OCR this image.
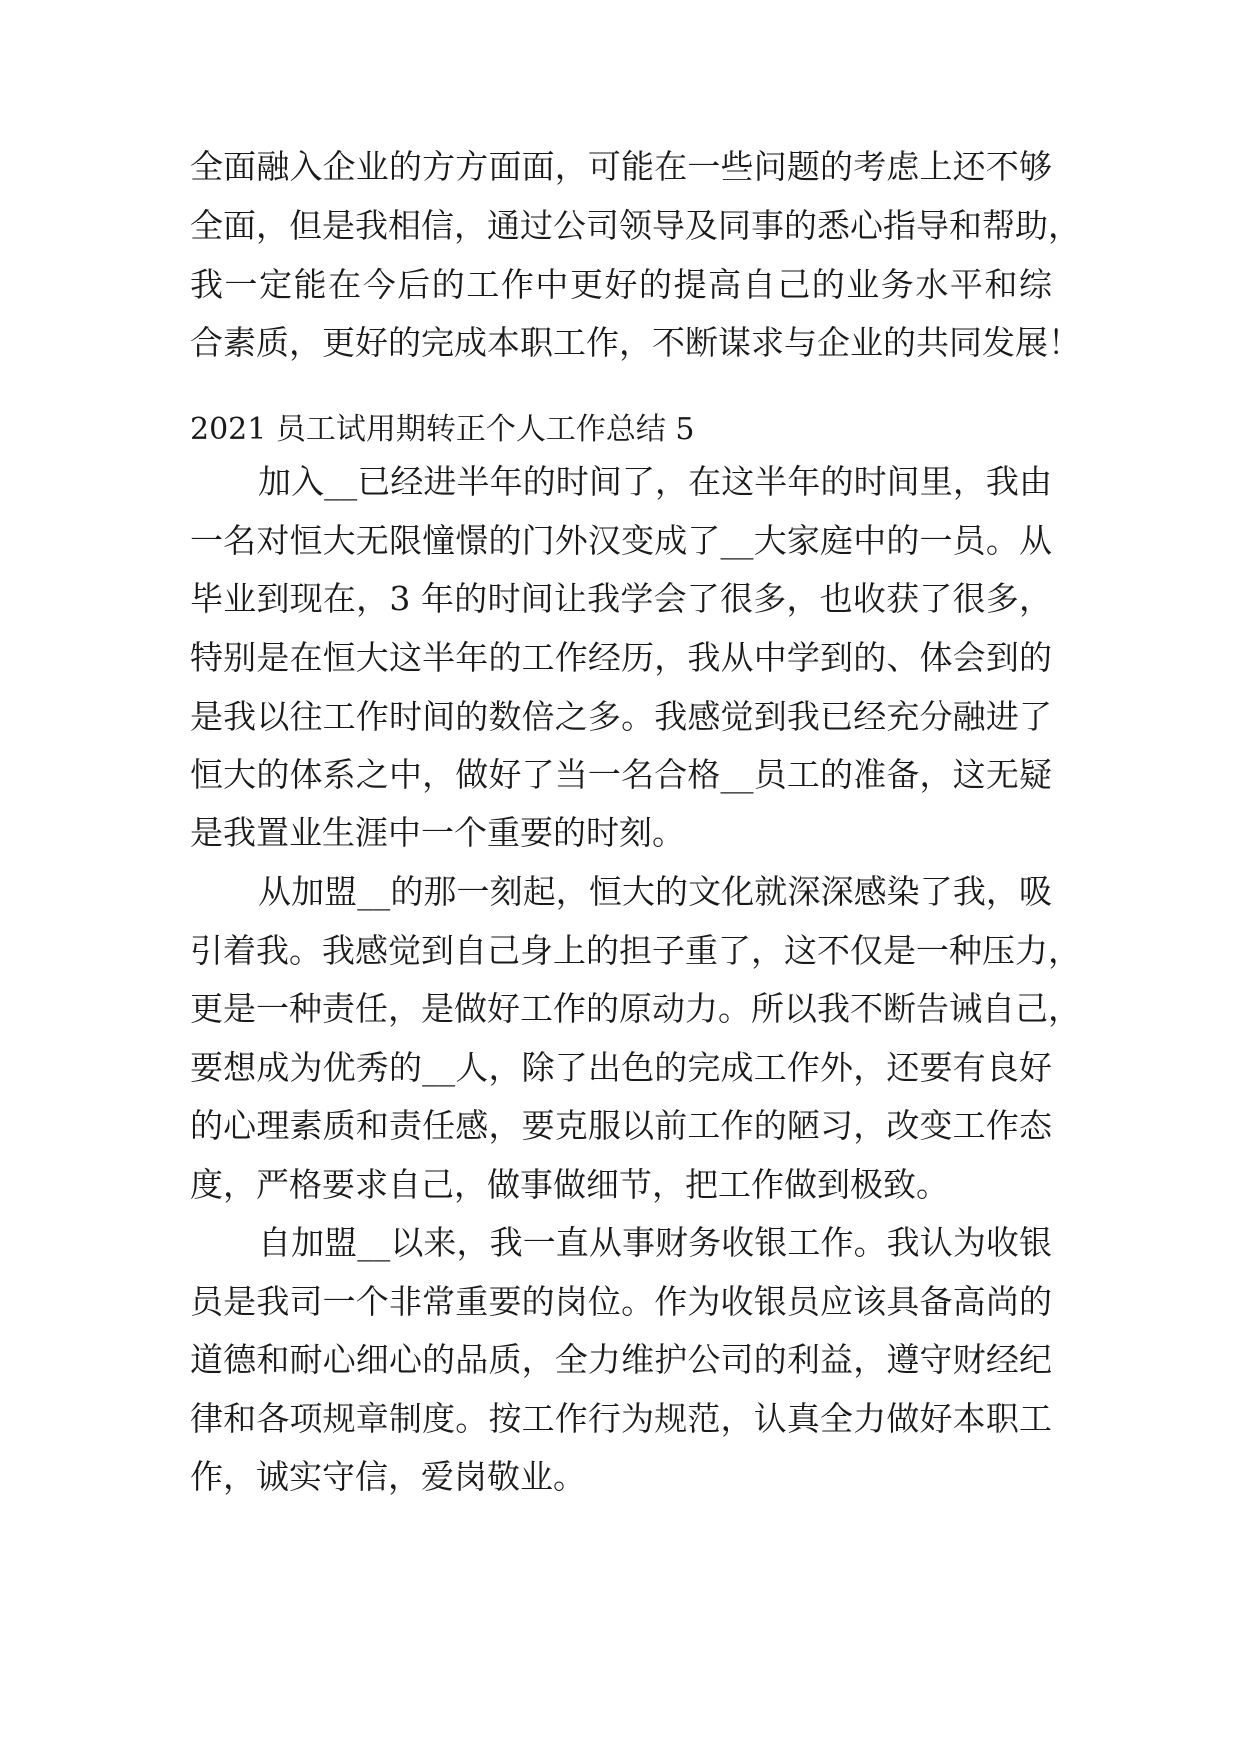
全面融入企业的方方面面，可能在一些问题的考虑上还不够
全面，但是我相信，通过公司领导及同事的悉心指导和帮助，
我一定能在今后的工作中更好的提高自己的业务水平和综
合素质，更好的完成本职工作，不断谋求与企业的共同发展！
2021 员工试用期转正个人工作总结 5
加入__已经进半年的时间了，在这半年的时间里，我由
一名对恒大无限憧憬的门外汉变成了__大家庭中的一员。从
毕业到现在，3 年的时间让我学会了很多，也收获了很多，
特别是在恒大这半年的工作经历，我从中学到的、体会到的
是我以往工作时间的数倍之多。我感觉到我已经充分融进了
恒大的体系之中，做好了当一名合格__员工的准备，这无疑
是我置业生涯中一个重要的时刻。
从加盟__的那一刻起，恒大的文化就深深感染了我，吸
引着我。我感觉到自己身上的担子重了，这不仅是一种压力，
更是一种责任，是做好工作的原动力。所以我不断告诫自己，
要想成为优秀的__人，除了出色的完成工作外，还要有良好
的心理素质和责任感，要克服以前工作的陋习，改变工作态
度，严格要求自己，做事做细节，把工作做到极致。
自加盟__以来，我一直从事财务收银工作。我认为收银
员是我司一个非常重要的岗位。作为收银员应该具备高尚的
道德和耐心细心的品质，全力维护公司的利益，遵守财经纪
律和各项规章制度。按工作行为规范，认真全力做好本职工
作，诚实守信，爱岗敬业。
